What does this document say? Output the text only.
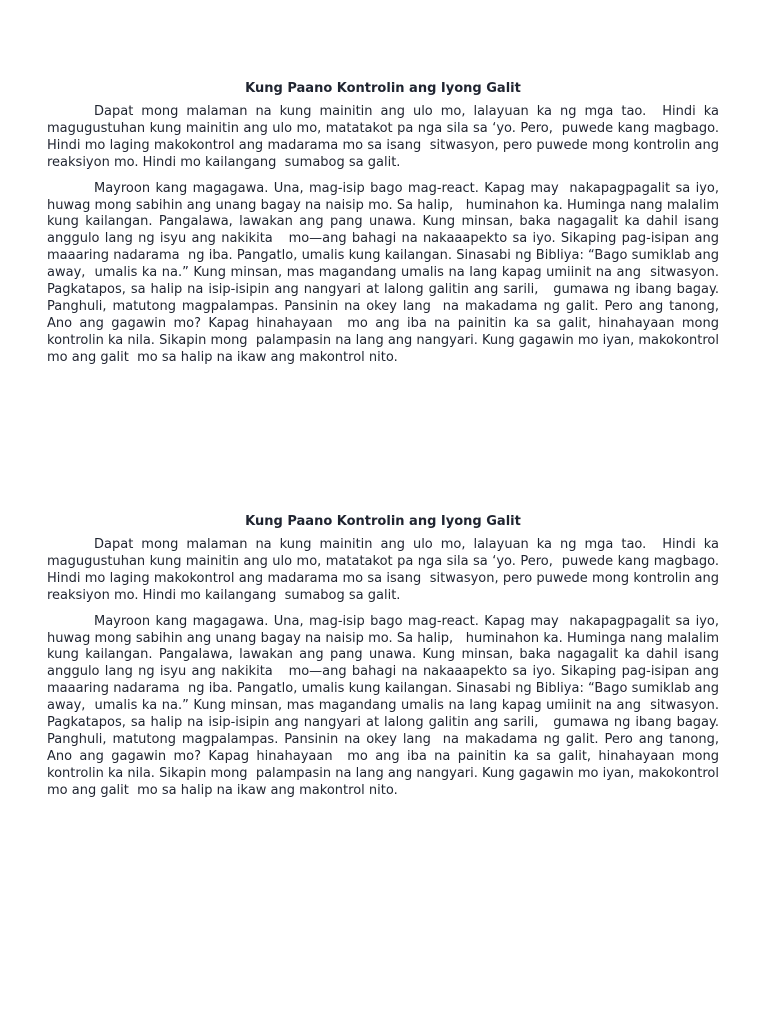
Kung Paano Kontrolin ang Iyong Galit

Dapat mong malaman na kung mainitin ang ulo mo, lalayuan ka ng mga tao.  Hindi ka magugustuhan kung mainitin ang ulo mo, matatakot pa nga sila sa ‘yo. Pero,  puwede kang magbago. Hindi mo laging makokontrol ang madarama mo sa isang  sitwasyon, pero puwede mong kontrolin ang reaksiyon mo. Hindi mo kailangang  sumabog sa galit.

Mayroon kang magagawa. Una, mag-isip bago mag-react. Kapag may  nakapagpagalit sa iyo, huwag mong sabihin ang unang bagay na naisip mo. Sa halip,   huminahon ka. Huminga nang malalim kung kailangan. Pangalawa, lawakan ang pang unawa. Kung minsan, baka nagagalit ka dahil isang anggulo lang ng isyu ang nakikita   mo—ang bahagi na nakaaapekto sa iyo. Sikaping pag-isipan ang maaaring nadarama  ng iba. Pangatlo, umalis kung kailangan. Sinasabi ng Bibliya: “Bago sumiklab ang away,  umalis ka na.” Kung minsan, mas magandang umalis na lang kapag umiinit na ang  sitwasyon. Pagkatapos, sa halip na isip-isipin ang nangyari at lalong galitin ang sarili,   gumawa ng ibang bagay. Panghuli, matutong magpalampas. Pansinin na okey lang  na makadama ng galit. Pero ang tanong, Ano ang gagawin mo? Kapag hinahayaan  mo ang iba na painitin ka sa galit, hinahayaan mong kontrolin ka nila. Sikapin mong  palampasin na lang ang nangyari. Kung gagawin mo iyan, makokontrol mo ang galit  mo sa halip na ikaw ang makontrol nito.

Kung Paano Kontrolin ang Iyong Galit

Dapat mong malaman na kung mainitin ang ulo mo, lalayuan ka ng mga tao.  Hindi ka magugustuhan kung mainitin ang ulo mo, matatakot pa nga sila sa ‘yo. Pero,  puwede kang magbago. Hindi mo laging makokontrol ang madarama mo sa isang  sitwasyon, pero puwede mong kontrolin ang reaksiyon mo. Hindi mo kailangang  sumabog sa galit.

Mayroon kang magagawa. Una, mag-isip bago mag-react. Kapag may  nakapagpagalit sa iyo, huwag mong sabihin ang unang bagay na naisip mo. Sa halip,   huminahon ka. Huminga nang malalim kung kailangan. Pangalawa, lawakan ang pang unawa. Kung minsan, baka nagagalit ka dahil isang anggulo lang ng isyu ang nakikita   mo—ang bahagi na nakaaapekto sa iyo. Sikaping pag-isipan ang maaaring nadarama  ng iba. Pangatlo, umalis kung kailangan. Sinasabi ng Bibliya: “Bago sumiklab ang away,  umalis ka na.” Kung minsan, mas magandang umalis na lang kapag umiinit na ang  sitwasyon. Pagkatapos, sa halip na isip-isipin ang nangyari at lalong galitin ang sarili,   gumawa ng ibang bagay. Panghuli, matutong magpalampas. Pansinin na okey lang  na makadama ng galit. Pero ang tanong, Ano ang gagawin mo? Kapag hinahayaan  mo ang iba na painitin ka sa galit, hinahayaan mong kontrolin ka nila. Sikapin mong  palampasin na lang ang nangyari. Kung gagawin mo iyan, makokontrol mo ang galit  mo sa halip na ikaw ang makontrol nito.
